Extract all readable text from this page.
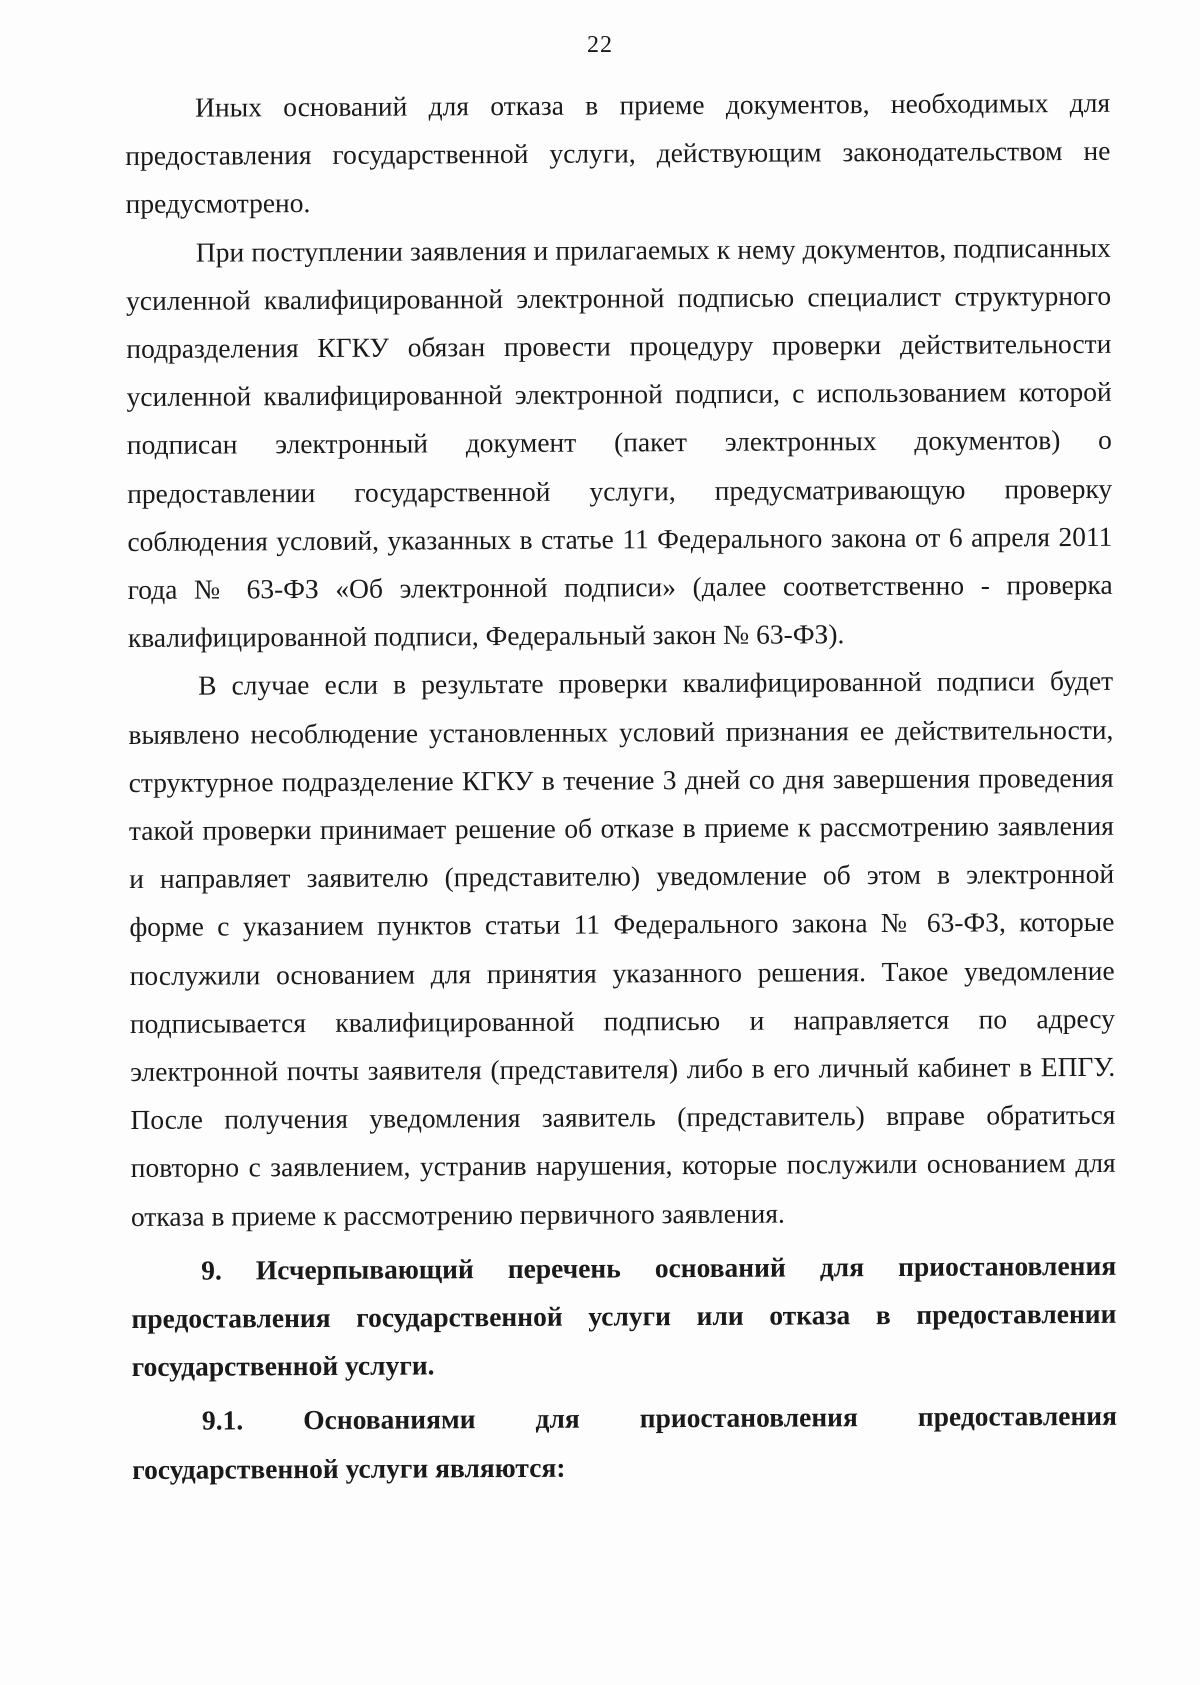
22

Иных оснований для отказа в приеме документов, необходимых для предоставления государственной услуги, действующим законодательством не предусмотрено.

При поступлении заявления и прилагаемых к нему документов, подписанных усиленной квалифицированной электронной подписью специалист структурного подразделения КГКУ обязан провести процедуру проверки действительности усиленной квалифицированной электронной подписи, с использованием которой подписан электронный документ (пакет электронных документов) о предоставлении государственной услуги, предусматривающую проверку соблюдения условий, указанных в статье 11 Федерального закона от 6 апреля 2011 года № 63-ФЗ «Об электронной подписи» (далее соответственно - проверка квалифицированной подписи, Федеральный закон № 63-ФЗ).

В случае если в результате проверки квалифицированной подписи будет выявлено несоблюдение установленных условий признания ее действительности, структурное подразделение КГКУ в течение 3 дней со дня завершения проведения такой проверки принимает решение об отказе в приеме к рассмотрению заявления и направляет заявителю (представителю) уведомление об этом в электронной форме с указанием пунктов статьи 11 Федерального закона № 63-ФЗ, которые послужили основанием для принятия указанного решения. Такое уведомление подписывается квалифицированной подписью и направляется по адресу электронной почты заявителя (представителя) либо в его личный кабинет в ЕПГУ. После получения уведомления заявитель (представитель) вправе обратиться повторно с заявлением, устранив нарушения, которые послужили основанием для отказа в приеме к рассмотрению первичного заявления.

9. Исчерпывающий перечень оснований для приостановления предоставления государственной услуги или отказа в предоставлении государственной услуги.

9.1. Основаниями для приостановления предоставления государственной услуги являются:
